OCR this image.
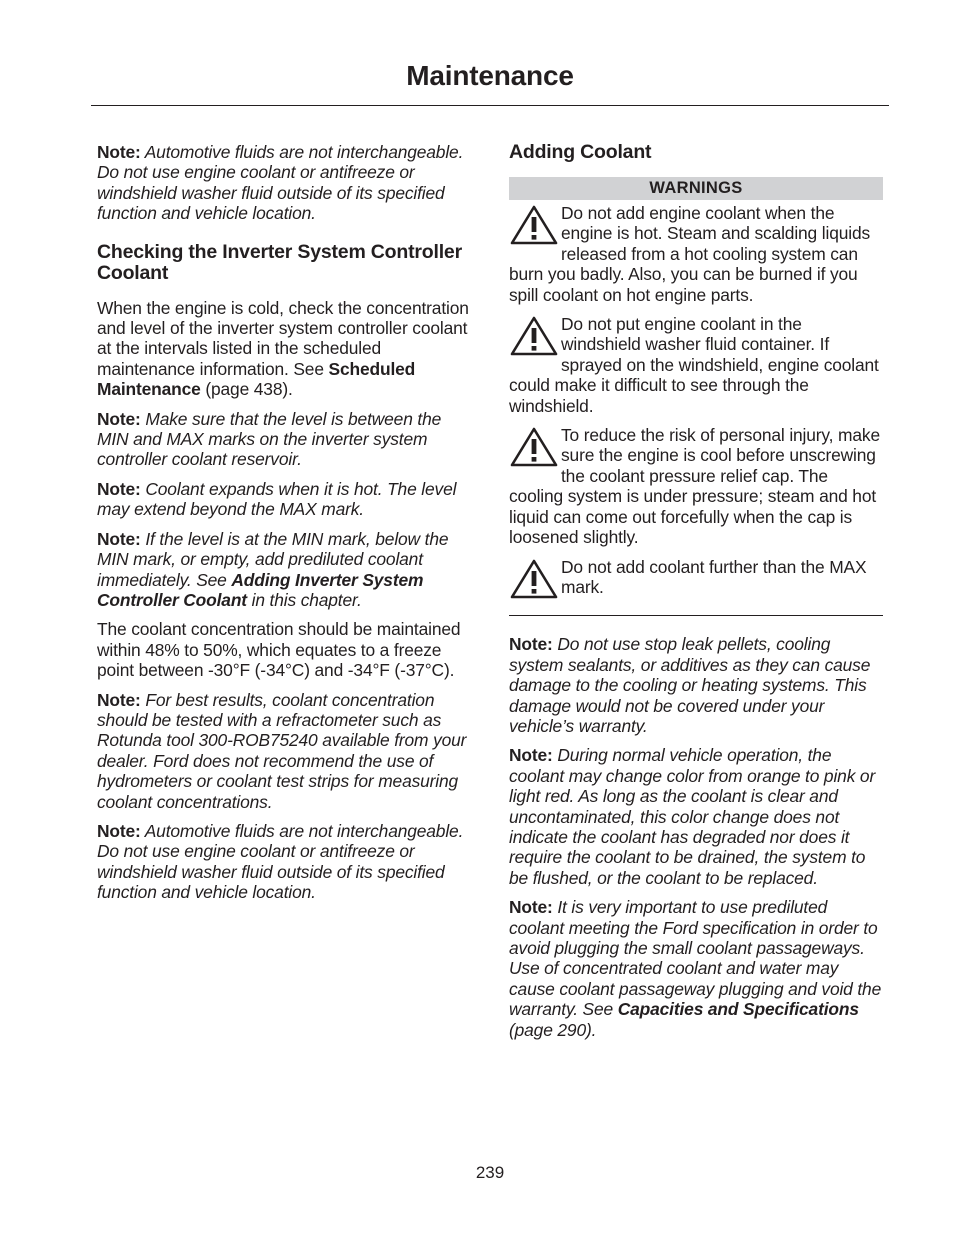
Maintenance

Note: Automotive fluids are not interchangeable. Do not use engine coolant or antifreeze or windshield washer fluid outside of its specified function and vehicle location.

Checking the Inverter System Controller Coolant

When the engine is cold, check the concentration and level of the inverter system controller coolant at the intervals listed in the scheduled maintenance information. See Scheduled Maintenance (page 438).

Note: Make sure that the level is between the MIN and MAX marks on the inverter system controller coolant reservoir.

Note: Coolant expands when it is hot. The level may extend beyond the MAX mark.

Note: If the level is at the MIN mark, below the MIN mark, or empty, add prediluted coolant immediately. See Adding Inverter System Controller Coolant in this chapter.

The coolant concentration should be maintained within 48% to 50%, which equates to a freeze point between -30°F (-34°C) and -34°F (-37°C).

Note: For best results, coolant concentration should be tested with a refractometer such as Rotunda tool 300-ROB75240 available from your dealer. Ford does not recommend the use of hydrometers or coolant test strips for measuring coolant concentrations.

Note: Automotive fluids are not interchangeable. Do not use engine coolant or antifreeze or windshield washer fluid outside of its specified function and vehicle location.

Adding Coolant
WARNINGS
Do not add engine coolant when the engine is hot. Steam and scalding liquids released from a hot cooling system can burn you badly. Also, you can be burned if you spill coolant on hot engine parts.
Do not put engine coolant in the windshield washer fluid container. If sprayed on the windshield, engine coolant could make it difficult to see through the windshield.
To reduce the risk of personal injury, make sure the engine is cool before unscrewing the coolant pressure relief cap. The cooling system is under pressure; steam and hot liquid can come out forcefully when the cap is loosened slightly.
Do not add coolant further than the MAX mark.

Note: Do not use stop leak pellets, cooling system sealants, or additives as they can cause damage to the cooling or heating systems. This damage would not be covered under your vehicle’s warranty.

Note: During normal vehicle operation, the coolant may change color from orange to pink or light red. As long as the coolant is clear and uncontaminated, this color change does not indicate the coolant has degraded nor does it require the coolant to be drained, the system to be flushed, or the coolant to be replaced.

Note: It is very important to use prediluted coolant meeting the Ford specification in order to avoid plugging the small coolant passageways. Use of concentrated coolant and water may cause coolant passageway plugging and void the warranty. See Capacities and Specifications (page 290).

239
